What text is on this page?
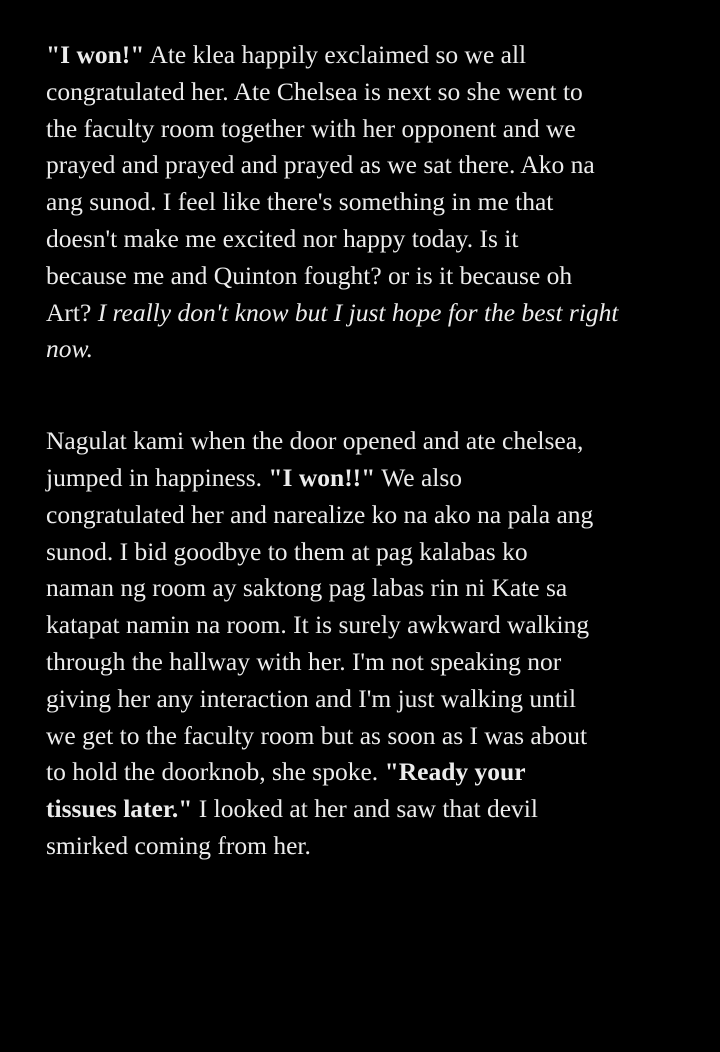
"I won!" Ate klea happily exclaimed so we all
congratulated her. Ate Chelsea is next so she went to
the faculty room together with her opponent and we
prayed and prayed and prayed as we sat there. Ako na
ang sunod. I feel like there's something in me that
doesn't make me excited nor happy today. Is it
because me and Quinton fought? or is it because oh
Art? I really don't know but I just hope for the best right
now.

Nagulat kami when the door opened and ate chelsea,
jumped in happiness. "I won!!" We also
congratulated her and narealize ko na ako na pala ang
sunod. I bid goodbye to them at pag kalabas ko
naman ng room ay saktong pag labas rin ni Kate sa
katapat namin na room. It is surely awkward walking
through the hallway with her. I'm not speaking nor
giving her any interaction and I'm just walking until
we get to the faculty room but as soon as I was about
to hold the doorknob, she spoke. "Ready your
tissues later." I looked at her and saw that devil
smirked coming from her.
